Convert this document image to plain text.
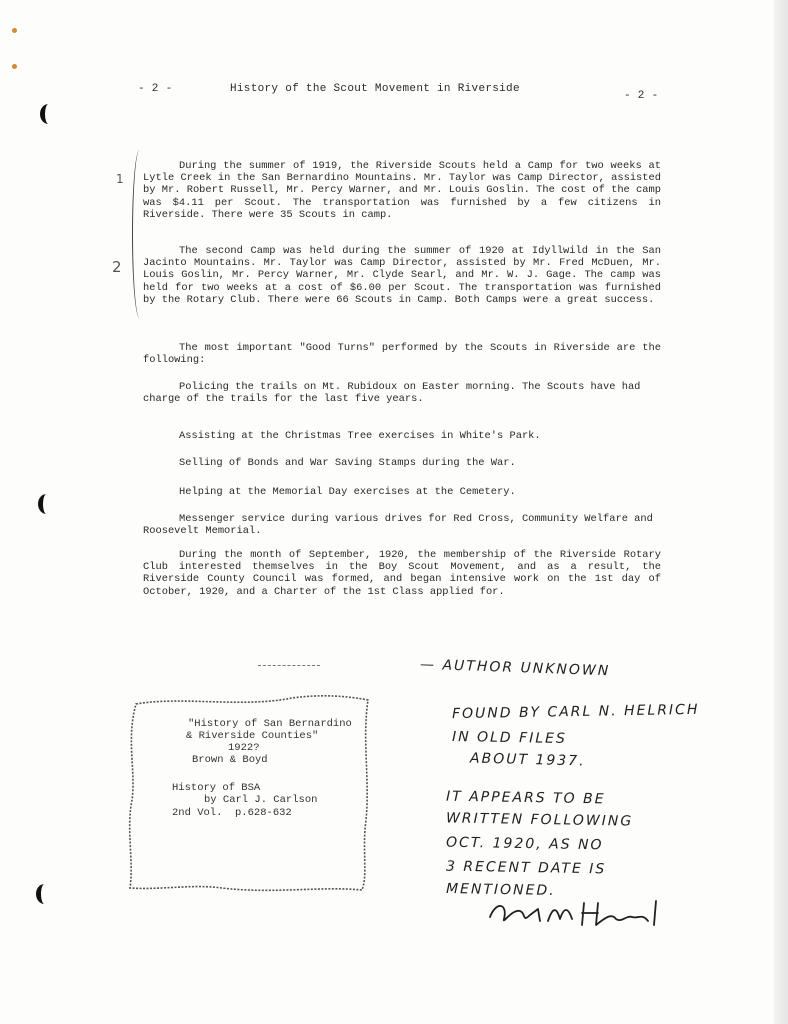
- 2 -	History of the Scout Movement in Riverside
- 2 -
1
2

During the summer of 1919, the Riverside Scouts held a Camp for two weeks at Lytle Creek in the San Bernardino Mountains. Mr. Taylor was Camp Director, assisted by Mr. Robert Russell, Mr. Percy Warner, and Mr. Louis Goslin. The cost of the camp was $4.11 per Scout. The transportation was furnished by a few citizens in Riverside. There were 35 Scouts in camp.

The second Camp was held during the summer of 1920 at Idyllwild in the San Jacinto Mountains. Mr. Taylor was Camp Director, assisted by Mr. Fred McDuen, Mr. Louis Goslin, Mr. Percy Warner, Mr. Clyde Searl, and Mr. W. J. Gage. The camp was held for two weeks at a cost of $6.00 per Scout. The transportation was furnished by the Rotary Club. There were 66 Scouts in Camp. Both Camps were a great success.

The most important "Good Turns" performed by the Scouts in Riverside are the following:

Policing the trails on Mt. Rubidoux on Easter morning. The Scouts have had charge of the trails for the last five years.

Assisting at the Christmas Tree exercises in White's Park.

Selling of Bonds and War Saving Stamps during the War.

Helping at the Memorial Day exercises at the Cemetery.

Messenger service during various drives for Red Cross, Community Welfare and Roosevelt Memorial.

During the month of September, 1920, the membership of the Riverside Rotary Club interested themselves in the Boy Scout Movement, and as a result, the Riverside County Council was formed, and began intensive work on the 1st day of October, 1920, and a Charter of the 1st Class applied for.

"History of San Bernardino

& Riverside Counties"

1922?

Brown & Boyd

History of BSA

by Carl J. Carlson

2nd Vol.  p.628-632

— AUTHOR UNKNOWN
FOUND BY CARL N. HELRICH
IN OLD FILES
ABOUT 1937.
IT APPEARS TO BE
WRITTEN FOLLOWING
OCT. 1920, AS NO
3 RECENT DATE IS
MENTIONED.
